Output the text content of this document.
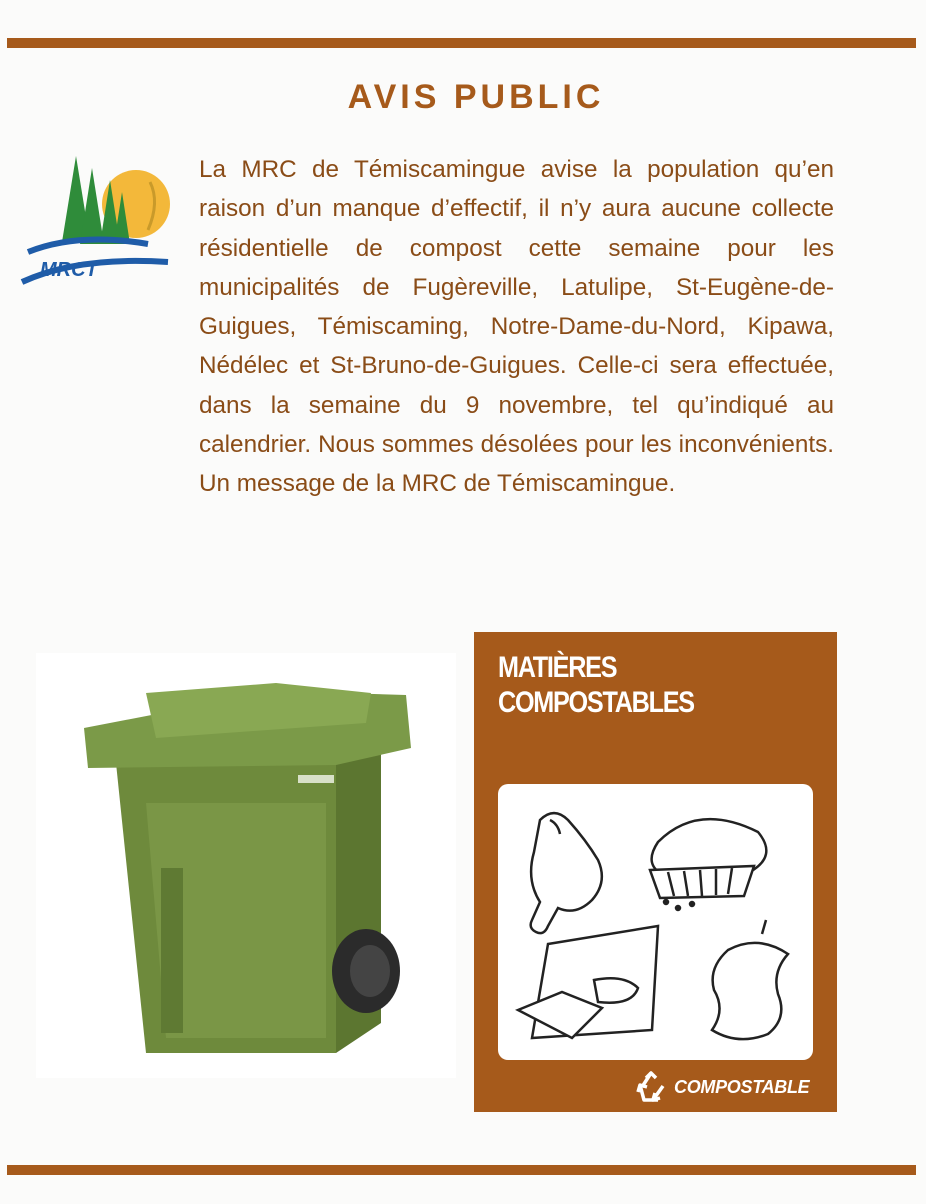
AVIS PUBLIC
MRCT
La MRC de Témiscamingue avise la population qu’en raison d’un manque d’effectif, il n’y aura aucune collecte résidentielle de compost cette semaine pour les municipalités de Fugèreville, Latulipe, St-Eugène-de-Guigues, Témiscaming, Notre-Dame-du-Nord, Kipawa, Nédélec et St-Bruno-de-Guigues. Celle-ci sera effectuée, dans la semaine du 9 novembre, tel qu’indiqué au calendrier. Nous sommes désolées pour les inconvénients. Un message de la MRC de Témiscamingue.
MATIÈRES
COMPOSTABLES
COMPOSTABLE
